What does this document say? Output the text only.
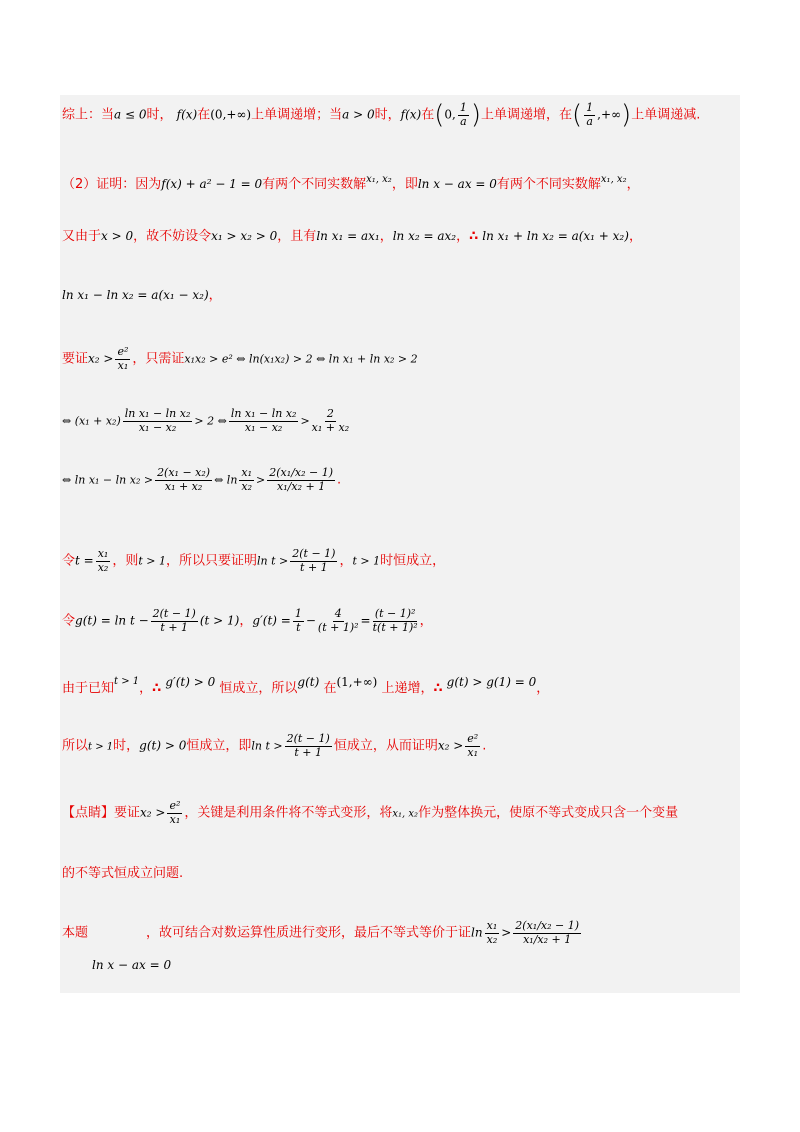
综上：当a ≤ 0时， f(x)在(0,+∞)上单调递增；当a > 0时，f(x)在(0, $\frac{1}{a}$ )上单调递增，在( $\frac{1}{a}$ ,+∞)上单调递减.
（2）证明：因为f(x) + a² − 1 = 0有两个不同实数解$^{x_1, x_2}$，即ln x − ax = 0有两个不同实数解$^{x_1, x_2}$，
又由于x > 0，故不妨设令x₁ > x₂ > 0，且有ln x₁ = ax₁，ln x₂ = ax₂，∴ ln x₁ + ln x₂ = a(x₁ + x₂)，
ln x₁ − ln x₂ = a(x₁ − x₂)，
要证$x_2 > \frac{\text{e²}}{\text{x₁}}$ ，只需证x₁x₂ > e² ⇔ ln(x₁x₂) > 2 ⇔ ln x₁ + ln x₂ > 2
⇔ $(x_1 + x_2) \frac{\text{ln x₁ − ln x₂}}{\text{x₁ − x₂}} > 2$ ⇔ $\frac{\text{ln x₁ − ln x₂}}{\text{x₁ − x₂}} > \frac{2}{\text{x₁ + x₂}}$
⇔ $\ln x_1 - \ln x_2 > \frac{\text{2(x₁ − x₂)}}{\text{x₁ + x₂}}$ ⇔ $\ln \frac{\text{x₁}}{\text{x₂}} > \frac{\text{2(x₁/x₂ − 1)}}{\text{x₁/x₂ + 1}}$ .
令$t = \frac{\text{x₁}}{\text{x₂}}$ ，则t > 1，所以只要证明$\ln t > \frac{2(t - 1)}{t + 1}$ ，t > 1时恒成立，
令$g(t) = \ln t - \frac{2(t - 1)}{t + 1} (t > 1)$，$g'(t) = \frac{1}{t} - \frac{4}{\text{(t + 1)²}} = \frac{\text{(t − 1)²}}{\text{t(t + 1)²}}$ ，
由于已知$^{t > 1}$，∴ g′(t) > 0 恒成立，所以g(t) 在(1,+∞) 上递增，∴ g(t) > g(1) = 0，
所以t > 1时，g(t) > 0恒成立，即$\ln t > \frac{2(t - 1)}{t + 1}$ 恒成立，从而证明$x_2 > \frac{\text{e²}}{\text{x₁}}$ .
【点睛】要证$x_2 > \frac{\text{e²}}{\text{x₁}}$ ，关键是利用条件将不等式变形，将x₁, x₂作为整体换元，使原不等式变成只含一个变量
的不等式恒成立问题.
本题	，故可结合对数运算性质进行变形，最后不等式等价于证$\ln \frac{\text{x₁}}{\text{x₂}} > \frac{\text{2(x₁/x₂ − 1)}}{\text{x₁/x₂ + 1}}$
ln x − ax = 0
